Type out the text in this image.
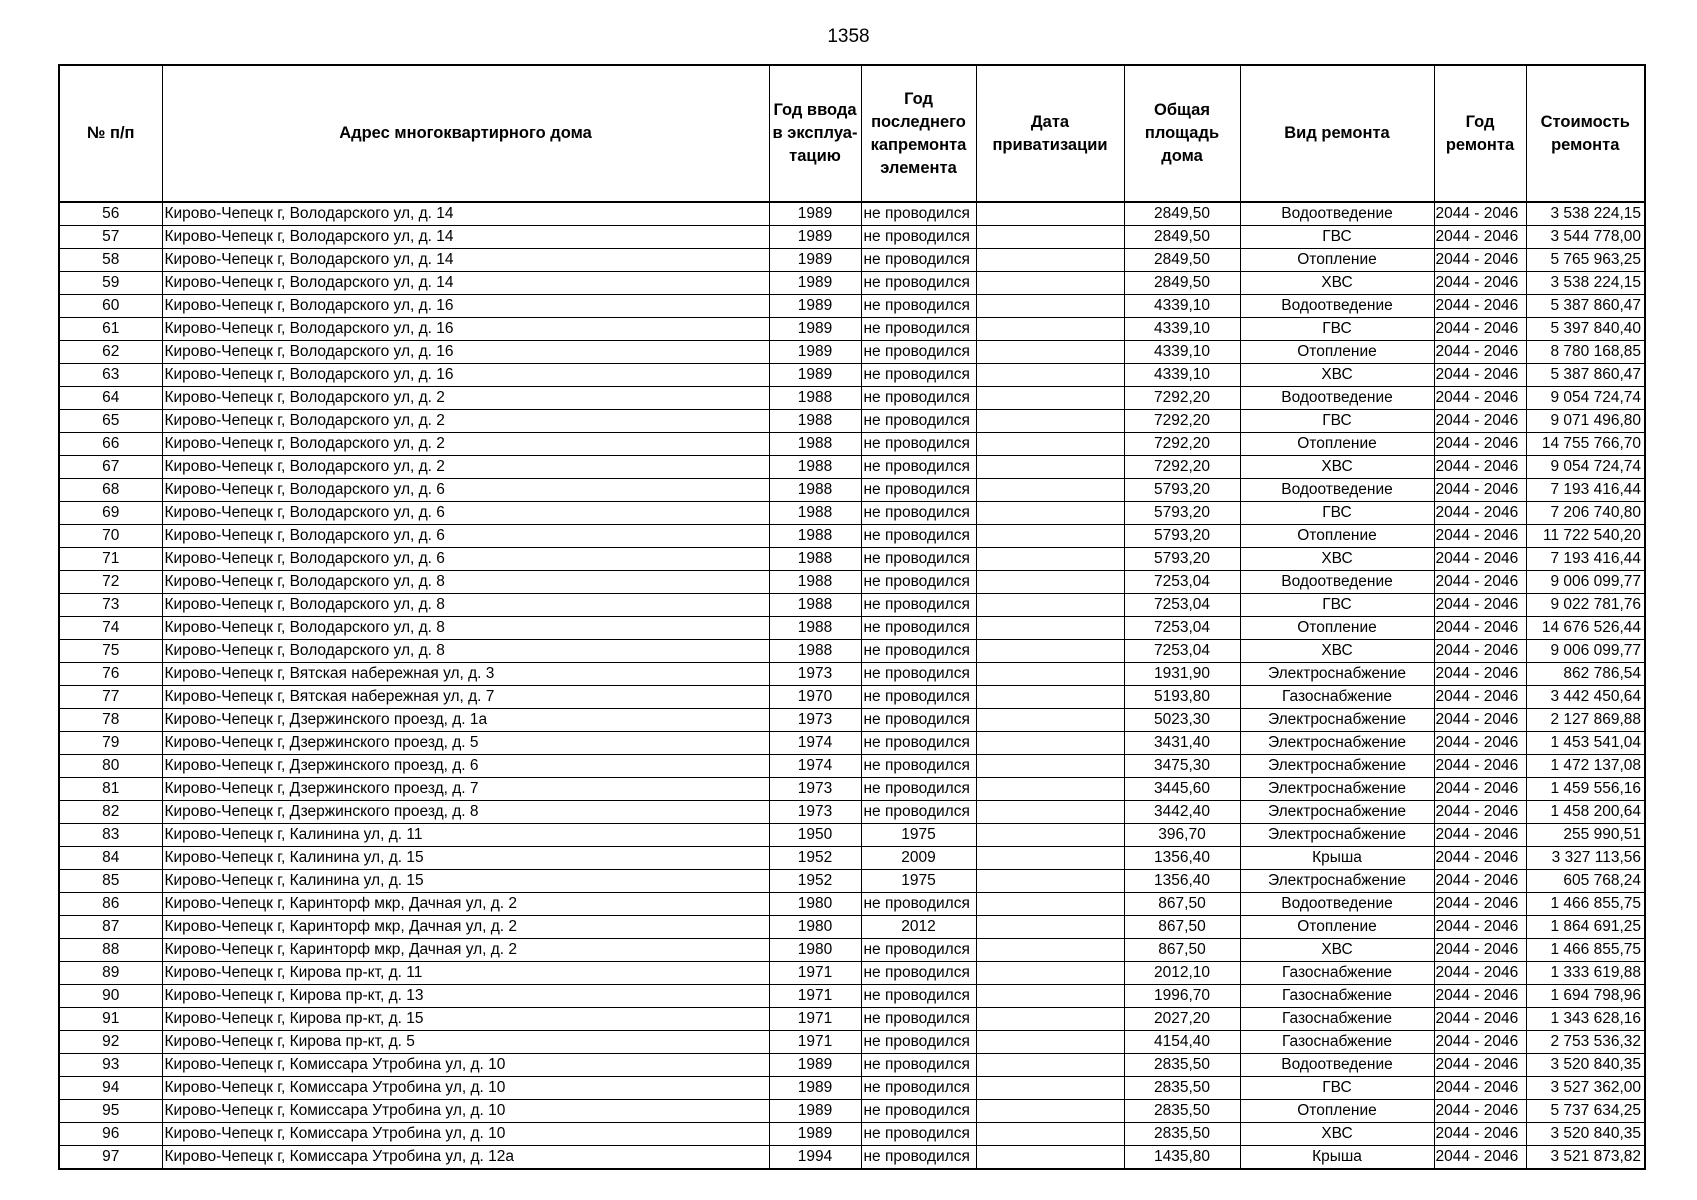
1358
№ п/п	Адрес многоквартирного дома	Год ввода в эксплуа-тацию	Год последнего капремонта элемента	Дата приватизации	Общая площадь дома	Вид ремонта	Год ремонта	Стоимость ремонта
56	Кирово-Чепецк г, Володарского ул, д. 14	1989	не проводился		2849,50	Водоотведение	2044 - 2046	3 538 224,15
57	Кирово-Чепецк г, Володарского ул, д. 14	1989	не проводился		2849,50	ГВС	2044 - 2046	3 544 778,00
58	Кирово-Чепецк г, Володарского ул, д. 14	1989	не проводился		2849,50	Отопление	2044 - 2046	5 765 963,25
59	Кирово-Чепецк г, Володарского ул, д. 14	1989	не проводился		2849,50	ХВС	2044 - 2046	3 538 224,15
60	Кирово-Чепецк г, Володарского ул, д. 16	1989	не проводился		4339,10	Водоотведение	2044 - 2046	5 387 860,47
61	Кирово-Чепецк г, Володарского ул, д. 16	1989	не проводился		4339,10	ГВС	2044 - 2046	5 397 840,40
62	Кирово-Чепецк г, Володарского ул, д. 16	1989	не проводился		4339,10	Отопление	2044 - 2046	8 780 168,85
63	Кирово-Чепецк г, Володарского ул, д. 16	1989	не проводился		4339,10	ХВС	2044 - 2046	5 387 860,47
64	Кирово-Чепецк г, Володарского ул, д. 2	1988	не проводился		7292,20	Водоотведение	2044 - 2046	9 054 724,74
65	Кирово-Чепецк г, Володарского ул, д. 2	1988	не проводился		7292,20	ГВС	2044 - 2046	9 071 496,80
66	Кирово-Чепецк г, Володарского ул, д. 2	1988	не проводился		7292,20	Отопление	2044 - 2046	14 755 766,70
67	Кирово-Чепецк г, Володарского ул, д. 2	1988	не проводился		7292,20	ХВС	2044 - 2046	9 054 724,74
68	Кирово-Чепецк г, Володарского ул, д. 6	1988	не проводился		5793,20	Водоотведение	2044 - 2046	7 193 416,44
69	Кирово-Чепецк г, Володарского ул, д. 6	1988	не проводился		5793,20	ГВС	2044 - 2046	7 206 740,80
70	Кирово-Чепецк г, Володарского ул, д. 6	1988	не проводился		5793,20	Отопление	2044 - 2046	11 722 540,20
71	Кирово-Чепецк г, Володарского ул, д. 6	1988	не проводился		5793,20	ХВС	2044 - 2046	7 193 416,44
72	Кирово-Чепецк г, Володарского ул, д. 8	1988	не проводился		7253,04	Водоотведение	2044 - 2046	9 006 099,77
73	Кирово-Чепецк г, Володарского ул, д. 8	1988	не проводился		7253,04	ГВС	2044 - 2046	9 022 781,76
74	Кирово-Чепецк г, Володарского ул, д. 8	1988	не проводился		7253,04	Отопление	2044 - 2046	14 676 526,44
75	Кирово-Чепецк г, Володарского ул, д. 8	1988	не проводился		7253,04	ХВС	2044 - 2046	9 006 099,77
76	Кирово-Чепецк г, Вятская набережная ул, д. 3	1973	не проводился		1931,90	Электроснабжение	2044 - 2046	862 786,54
77	Кирово-Чепецк г, Вятская набережная ул, д. 7	1970	не проводился		5193,80	Газоснабжение	2044 - 2046	3 442 450,64
78	Кирово-Чепецк г, Дзержинского проезд, д. 1а	1973	не проводился		5023,30	Электроснабжение	2044 - 2046	2 127 869,88
79	Кирово-Чепецк г, Дзержинского проезд, д. 5	1974	не проводился		3431,40	Электроснабжение	2044 - 2046	1 453 541,04
80	Кирово-Чепецк г, Дзержинского проезд, д. 6	1974	не проводился		3475,30	Электроснабжение	2044 - 2046	1 472 137,08
81	Кирово-Чепецк г, Дзержинского проезд, д. 7	1973	не проводился		3445,60	Электроснабжение	2044 - 2046	1 459 556,16
82	Кирово-Чепецк г, Дзержинского проезд, д. 8	1973	не проводился		3442,40	Электроснабжение	2044 - 2046	1 458 200,64
83	Кирово-Чепецк г, Калинина ул, д. 11	1950	1975		396,70	Электроснабжение	2044 - 2046	255 990,51
84	Кирово-Чепецк г, Калинина ул, д. 15	1952	2009		1356,40	Крыша	2044 - 2046	3 327 113,56
85	Кирово-Чепецк г, Калинина ул, д. 15	1952	1975		1356,40	Электроснабжение	2044 - 2046	605 768,24
86	Кирово-Чепецк г, Каринторф мкр, Дачная ул, д. 2	1980	не проводился		867,50	Водоотведение	2044 - 2046	1 466 855,75
87	Кирово-Чепецк г, Каринторф мкр, Дачная ул, д. 2	1980	2012		867,50	Отопление	2044 - 2046	1 864 691,25
88	Кирово-Чепецк г, Каринторф мкр, Дачная ул, д. 2	1980	не проводился		867,50	ХВС	2044 - 2046	1 466 855,75
89	Кирово-Чепецк г, Кирова пр-кт, д. 11	1971	не проводился		2012,10	Газоснабжение	2044 - 2046	1 333 619,88
90	Кирово-Чепецк г, Кирова пр-кт, д. 13	1971	не проводился		1996,70	Газоснабжение	2044 - 2046	1 694 798,96
91	Кирово-Чепецк г, Кирова пр-кт, д. 15	1971	не проводился		2027,20	Газоснабжение	2044 - 2046	1 343 628,16
92	Кирово-Чепецк г, Кирова пр-кт, д. 5	1971	не проводился		4154,40	Газоснабжение	2044 - 2046	2 753 536,32
93	Кирово-Чепецк г, Комиссара Утробина ул, д. 10	1989	не проводился		2835,50	Водоотведение	2044 - 2046	3 520 840,35
94	Кирово-Чепецк г, Комиссара Утробина ул, д. 10	1989	не проводился		2835,50	ГВС	2044 - 2046	3 527 362,00
95	Кирово-Чепецк г, Комиссара Утробина ул, д. 10	1989	не проводился		2835,50	Отопление	2044 - 2046	5 737 634,25
96	Кирово-Чепецк г, Комиссара Утробина ул, д. 10	1989	не проводился		2835,50	ХВС	2044 - 2046	3 520 840,35
97	Кирово-Чепецк г, Комиссара Утробина ул, д. 12а	1994	не проводился		1435,80	Крыша	2044 - 2046	3 521 873,82
